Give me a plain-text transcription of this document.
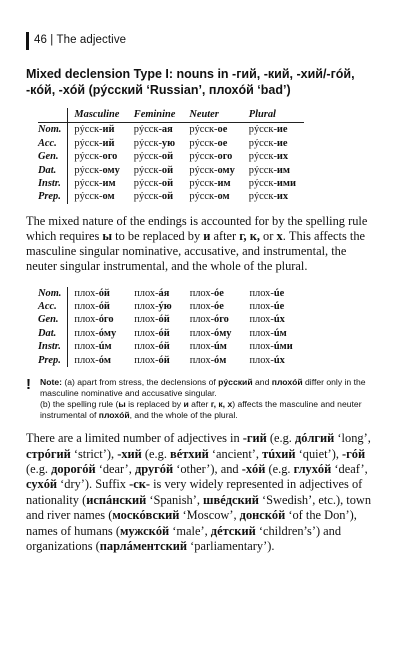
46 | The adjective
Mixed declension Type I: nouns in -гий, -кий, -хий/-гóй, -кóй, -хóй (рýсский ‘Russian’, плохóй ‘bad’)
	Masculine	Feminine	Neuter	Plural
Nom.	рýсск-ий	рýсск-ая	рýсск-ое	рýсск-ие
Acc.	рýсск-ий	рýсск-ую	рýсск-ое	рýсск-ие
Gen.	рýсск-ого	рýсск-ой	рýсск-ого	рýсск-их
Dat.	рýсск-ому	рýсск-ой	рýсск-ому	рýсск-им
Instr.	рýсск-им	рýсск-ой	рýсск-им	рýсск-ими
Prep.	рýсск-ом	рýсск-ой	рýсск-ом	рýсск-их

The mixed nature of the endings is accounted for by the spelling rule which requires ы to be replaced by и after г, к, or х. This affects the masculine singular nominative, accusative, and instrumental, the neuter singular instrumental, and the whole of the plural.

Nom.	плох-óй	плох-áя	плох-óе	плох-úе
Acc.	плох-óй	плох-ýю	плох-óе	плох-úе
Gen.	плох-óго	плох-óй	плох-óго	плох-úх
Dat.	плох-óму	плох-óй	плох-óму	плох-úм
Instr.	плох-úм	плох-óй	плох-úм	плох-úми
Prep.	плох-óм	плох-óй	плох-óм	плох-úх
! Note: (a) apart from stress, the declensions of рýсский and плохóй differ only in the masculine nominative and accusative singular.
(b) the spelling rule (ы is replaced by и after г, к, х) affects the masculine and neuter instrumental of плохóй, and the whole of the plural.

There are a limited number of adjectives in -гий (e.g. дóлгий ‘long’, стрóгий ‘strict’), -хий (e.g. вéтхий ‘ancient’, тúхий ‘quiet’), -гóй (e.g. дорогóй ‘dear’, другóй ‘other’), and -хóй (e.g. глухóй ‘deaf’, сухóй ‘dry’). Suffix -ск- is very widely represented in adjectives of nationality (испáнский ‘Spanish’, швéдский ‘Swedish’, etc.), town and river names (москóвский ‘Moscow’, донскóй ‘of the Don’), names of humans (мужскóй ‘male’, дéтский ‘children’s’) and organizations (парлáментский ‘parliamentary’).
